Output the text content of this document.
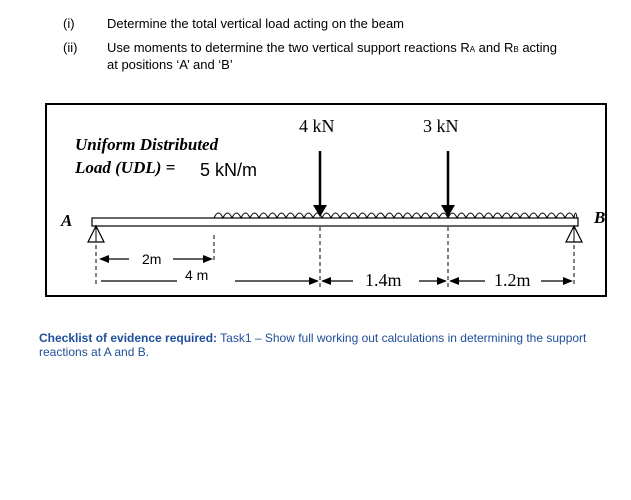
(i) Determine the total vertical load acting on the beam
(ii) Use moments to determine the two vertical support reactions RA and RB acting
at positions ‘A’ and ‘B’
Uniform Distributed
Load (UDL) = 5 kN/m
4 kN	3 kN
A	B
2m
4 m	1.4m	1.2m
Checklist of evidence required: Task1 – Show full working out calculations in determining the support reactions at A and B.
